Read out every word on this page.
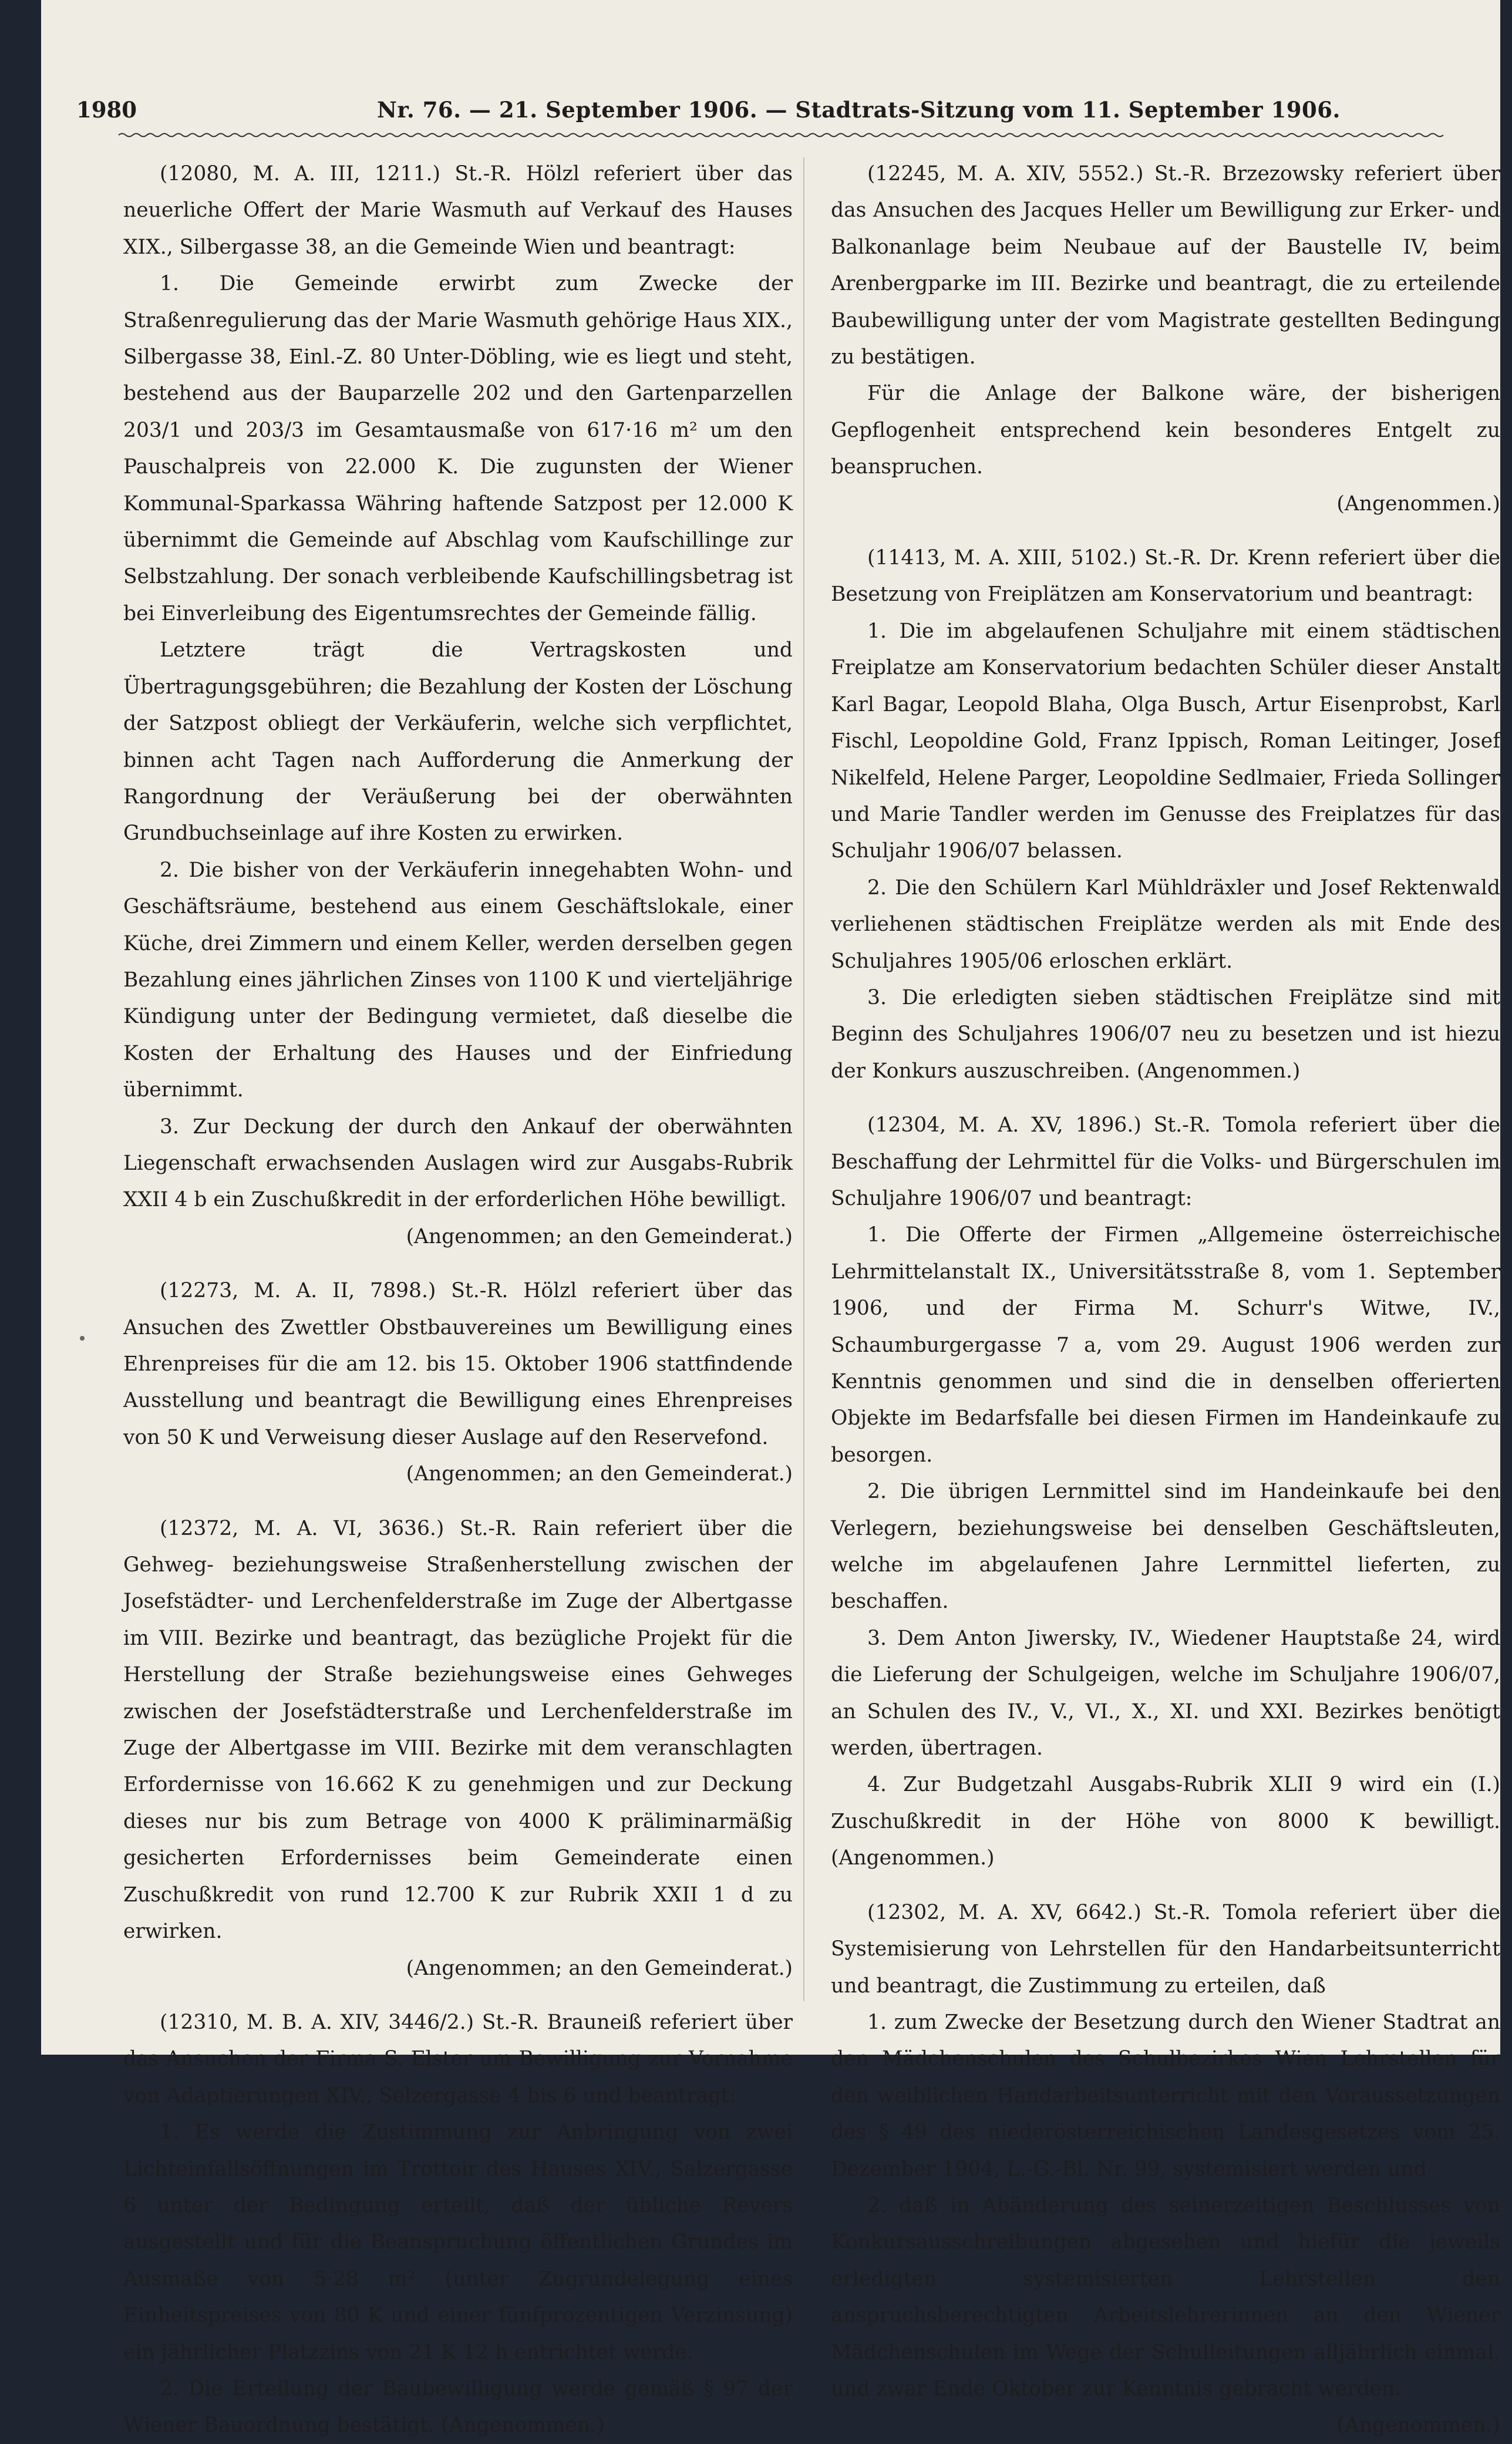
1980	Nr. 76. — 21. September 1906. — Stadtrats-Sitzung vom 11. September 1906.

(12080, M. A. III, 1211.) St.-R. Hölzl referiert über das neuerliche Offert der Marie Wasmuth auf Verkauf des Hauses XIX., Silbergasse 38, an die Gemeinde Wien und beantragt:

1. Die Gemeinde erwirbt zum Zwecke der Straßenregulierung das der Marie Wasmuth gehörige Haus XIX., Silbergasse 38, Einl.-Z. 80 Unter-Döbling, wie es liegt und steht, bestehend aus der Bauparzelle 202 und den Gartenparzellen 203/1 und 203/3 im Gesamtausmaße von 617·16 m² um den Pauschalpreis von 22.000 K. Die zugunsten der Wiener Kommunal-Sparkassa Währing haftende Satzpost per 12.000 K übernimmt die Gemeinde auf Abschlag vom Kaufschillinge zur Selbstzahlung. Der sonach verbleibende Kaufschillingsbetrag ist bei Einverleibung des Eigentumsrechtes der Gemeinde fällig.

Letztere trägt die Vertragskosten und Übertragungsgebühren; die Bezahlung der Kosten der Löschung der Satzpost obliegt der Verkäuferin, welche sich verpflichtet, binnen acht Tagen nach Aufforderung die Anmerkung der Rangordnung der Veräußerung bei der oberwähnten Grundbuchseinlage auf ihre Kosten zu erwirken.

2. Die bisher von der Verkäuferin innegehabten Wohn- und Geschäftsräume, bestehend aus einem Geschäftslokale, einer Küche, drei Zimmern und einem Keller, werden derselben gegen Bezahlung eines jährlichen Zinses von 1100 K und vierteljährige Kündigung unter der Bedingung vermietet, daß dieselbe die Kosten der Erhaltung des Hauses und der Einfriedung übernimmt.

3. Zur Deckung der durch den Ankauf der oberwähnten Liegenschaft erwachsenden Auslagen wird zur Ausgabs-Rubrik XXII 4 b ein Zuschußkredit in der erforderlichen Höhe bewilligt.

(Angenommen; an den Gemeinderat.)

(12273, M. A. II, 7898.) St.-R. Hölzl referiert über das Ansuchen des Zwettler Obstbauvereines um Bewilligung eines Ehrenpreises für die am 12. bis 15. Oktober 1906 stattfindende Ausstellung und beantragt die Bewilligung eines Ehrenpreises von 50 K und Verweisung dieser Auslage auf den Reservefond.

(Angenommen; an den Gemeinderat.)

(12372, M. A. VI, 3636.) St.-R. Rain referiert über die Gehweg- beziehungsweise Straßenherstellung zwischen der Josefstädter- und Lerchenfelderstraße im Zuge der Albertgasse im VIII. Bezirke und beantragt, das bezügliche Projekt für die Herstellung der Straße beziehungsweise eines Gehweges zwischen der Josefstädterstraße und Lerchenfelderstraße im Zuge der Albertgasse im VIII. Bezirke mit dem veranschlagten Erfordernisse von 16.662 K zu genehmigen und zur Deckung dieses nur bis zum Betrage von 4000 K präliminarmäßig gesicherten Erfordernisses beim Gemeinderate einen Zuschußkredit von rund 12.700 K zur Rubrik XXII 1 d zu erwirken.

(Angenommen; an den Gemeinderat.)

(12310, M. B. A. XIV, 3446/2.) St.-R. Brauneiß referiert über das Ansuchen der Firma S. Elster um Bewilligung zur Vornahme von Adaptierungen XIV., Selzergasse 4 bis 6 und beantragt:

1. Es werde die Zustimmung zur Anbringung von zwei Lichteinfallsöffnungen im Trottoir des Hauses XIV., Salzergasse 6 unter der Bedingung erteilt, daß der übliche Revers ausgestellt und für die Beanspruchung öffentlichen Grundes im Ausmaße von 5·28 m² (unter Zugrundelegung eines Einheitspreises von 80 K und einer fünfprozentigen Verzinsung) ein jährlicher Platzzins von 21 K 12 h entrichtet werde.

2. Die Erteilung der Baubewilligung werde gemäß § 97 der Wiener Bauordnung bestätigt. (Angenommen.)

(12245, M. A. XIV, 5552.) St.-R. Brzezowsky referiert über das Ansuchen des Jacques Heller um Bewilligung zur Erker- und Balkonanlage beim Neubaue auf der Baustelle IV, beim Arenbergparke im III. Bezirke und beantragt, die zu erteilende Baubewilligung unter der vom Magistrate gestellten Bedingung zu bestätigen.

Für die Anlage der Balkone wäre, der bisherigen Gepflogenheit entsprechend kein besonderes Entgelt zu beanspruchen.

(Angenommen.)

(11413, M. A. XIII, 5102.) St.-R. Dr. Krenn referiert über die Besetzung von Freiplätzen am Konservatorium und beantragt:

1. Die im abgelaufenen Schuljahre mit einem städtischen Freiplatze am Konservatorium bedachten Schüler dieser Anstalt Karl Bagar, Leopold Blaha, Olga Busch, Artur Eisenprobst, Karl Fischl, Leopoldine Gold, Franz Ippisch, Roman Leitinger, Josef Nikelfeld, Helene Parger, Leopoldine Sedlmaier, Frieda Sollinger und Marie Tandler werden im Genusse des Freiplatzes für das Schuljahr 1906/07 belassen.

2. Die den Schülern Karl Mühldräxler und Josef Rektenwald verliehenen städtischen Freiplätze werden als mit Ende des Schuljahres 1905/06 erloschen erklärt.

3. Die erledigten sieben städtischen Freiplätze sind mit Beginn des Schuljahres 1906/07 neu zu besetzen und ist hiezu der Konkurs auszuschreiben. (Angenommen.)

(12304, M. A. XV, 1896.) St.-R. Tomola referiert über die Beschaffung der Lehrmittel für die Volks- und Bürgerschulen im Schuljahre 1906/07 und beantragt:

1. Die Offerte der Firmen „Allgemeine österreichische Lehrmittelanstalt IX., Universitätsstraße 8, vom 1. September 1906, und der Firma M. Schurr's Witwe, IV., Schaumburgergasse 7 a, vom 29. August 1906 werden zur Kenntnis genommen und sind die in denselben offerierten Objekte im Bedarfsfalle bei diesen Firmen im Handeinkaufe zu besorgen.

2. Die übrigen Lernmittel sind im Handeinkaufe bei den Verlegern, beziehungsweise bei denselben Geschäftsleuten, welche im abgelaufenen Jahre Lernmittel lieferten, zu beschaffen.

3. Dem Anton Jiwersky, IV., Wiedener Hauptstaße 24, wird die Lieferung der Schulgeigen, welche im Schuljahre 1906/07, an Schulen des IV., V., VI., X., XI. und XXI. Bezirkes benötigt werden, übertragen.

4. Zur Budgetzahl Ausgabs-Rubrik XLII 9 wird ein (I.) Zuschußkredit in der Höhe von 8000 K bewilligt. (Angenommen.)

(12302, M. A. XV, 6642.) St.-R. Tomola referiert über die Systemisierung von Lehrstellen für den Handarbeitsunterricht und beantragt, die Zustimmung zu erteilen, daß

1. zum Zwecke der Besetzung durch den Wiener Stadtrat an den Mädchenschulen des Schulbezirkes Wien Lehrstellen für den weiblichen Handarbeitsunterricht mit den Voraussetzungen des § 49 des niederösterreichischen Landesgesetzes vom 25. Dezember 1904, L.-G.-Bl. Nr. 99, systemisiert werden und

2. daß in Abänderung des seinerzeitigen Beschlusses von Konkursausschreibungen abgesehen und hiefür die jeweils erledigten systemisierten Lehrstellen den anspruchsberechtigten Arbeitslehrerinnen an den Wiener Mädchenschulen im Wege der Schulleitungen alljährlich einmal, und zwar Ende Oktober zur Kenntnis gebracht werden.

(Angenommen.)
